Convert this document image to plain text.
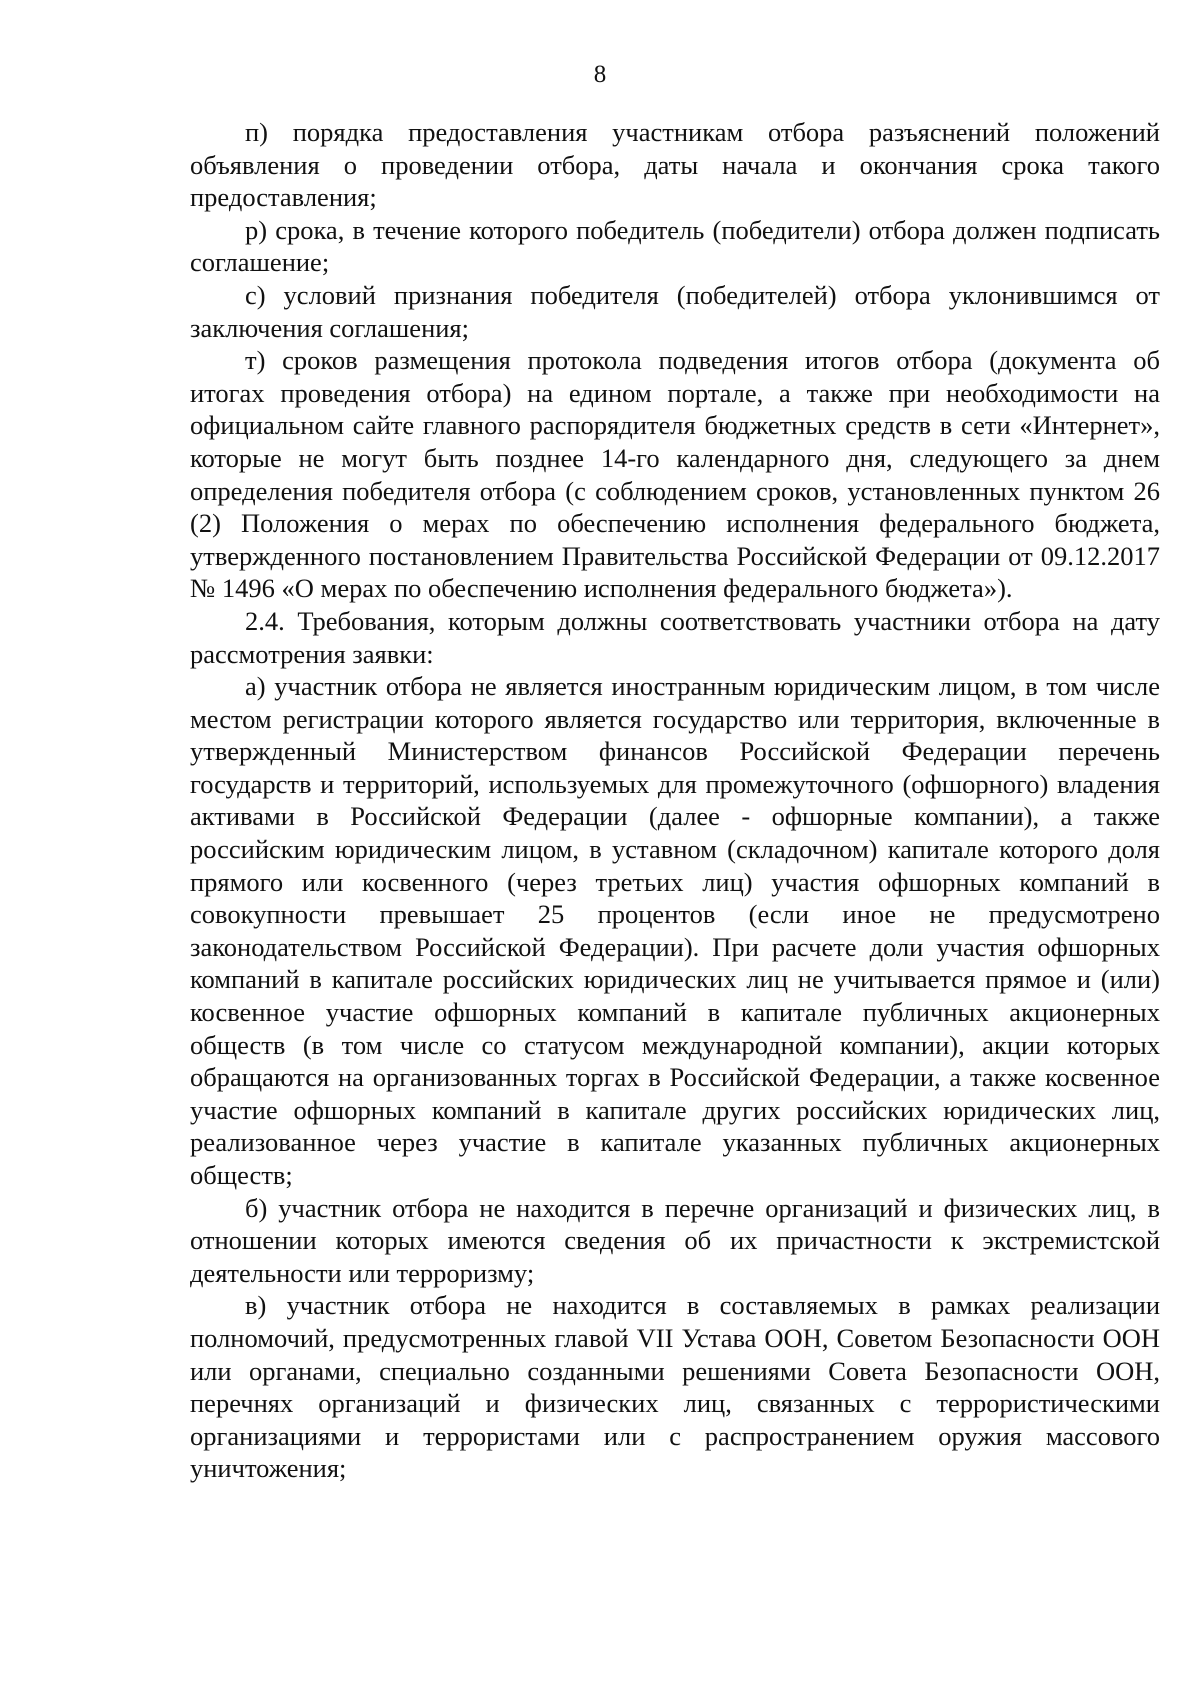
8

п) порядка предоставления участникам отбора разъяснений положений объявления о проведении отбора, даты начала и окончания срока такого предоставления;

р) срока, в течение которого победитель (победители) отбора должен подписать соглашение;

с) условий признания победителя (победителей) отбора уклонившимся от заключения соглашения;

т) сроков размещения протокола подведения итогов отбора (документа об итогах проведения отбора) на едином портале, а также при необходимости на официальном сайте главного распорядителя бюджетных средств в сети «Интернет», которые не могут быть позднее 14-го календарного дня, следующего за днем определения победителя отбора (с соблюдением сроков, установленных пунктом 26 (2) Положения о мерах по обеспечению исполнения федерального бюджета, утвержденного постановлением Правительства Российской Федерации от 09.12.2017 № 1496 «О мерах по обеспечению исполнения федерального бюджета»).

2.4. Требования, которым должны соответствовать участники отбора на дату рассмотрения заявки:

а) участник отбора не является иностранным юридическим лицом, в том числе местом регистрации которого является государство или территория, включенные в утвержденный Министерством финансов Российской Федерации перечень государств и территорий, используемых для промежуточного (офшорного) владения активами в Российской Федерации (далее - офшорные компании), а также российским юридическим лицом, в уставном (складочном) капитале которого доля прямого или косвенного (через третьих лиц) участия офшорных компаний в совокупности превышает 25 процентов (если иное не предусмотрено законодательством Российской Федерации). При расчете доли участия офшорных компаний в капитале российских юридических лиц не учитывается прямое и (или) косвенное участие офшорных компаний в капитале публичных акционерных обществ (в том числе со статусом международной компании), акции которых обращаются на организованных торгах в Российской Федерации, а также косвенное участие офшорных компаний в капитале других российских юридических лиц, реализованное через участие в капитале указанных публичных акционерных обществ;

б) участник отбора не находится в перечне организаций и физических лиц, в отношении которых имеются сведения об их причастности к экстремистской деятельности или терроризму;

в) участник отбора не находится в составляемых в рамках реализации полномочий, предусмотренных главой VII Устава ООН, Советом Безопасности ООН или органами, специально созданными решениями Совета Безопасности ООН, перечнях организаций и физических лиц, связанных с террористическими организациями и террористами или с распространением оружия массового уничтожения;
